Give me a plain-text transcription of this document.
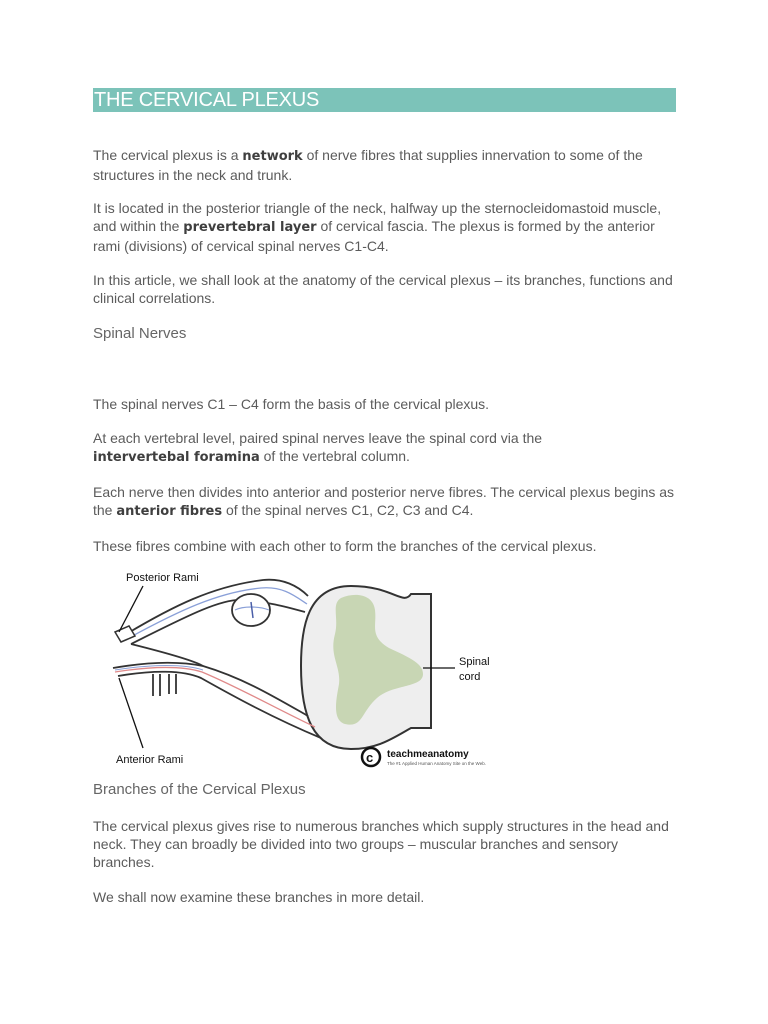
THE CERVICAL PLEXUS

The cervical plexus is a network of nerve fibres that supplies innervation to some of the structures in the neck and trunk.

It is located in the posterior triangle of the neck, halfway up the sternocleidomastoid muscle, and within the prevertebral layer of cervical fascia. The plexus is formed by the anterior rami (divisions) of cervical spinal nerves C1-C4.

In this article, we shall look at the anatomy of the cervical plexus – its branches, functions and clinical correlations.

Spinal Nerves

The spinal nerves C1 – C4 form the basis of the cervical plexus.

At each vertebral level, paired spinal nerves leave the spinal cord via the intervertebal foramina of the vertebral column.

Each nerve then divides into anterior and posterior nerve fibres. The cervical plexus begins as the anterior fibres of the spinal nerves C1, C2, C3 and C4.

These fibres combine with each other to form the branches of the cervical plexus.

Posterior Rami
Anterior Rami
Spinal
cord
c teachmeanatomy
The #1 Applied Human Anatomy Site on the Web.
Branches of the Cervical Plexus

The cervical plexus gives rise to numerous branches which supply structures in the head and neck. They can broadly be divided into two groups – muscular branches and sensory branches.

We shall now examine these branches in more detail.
